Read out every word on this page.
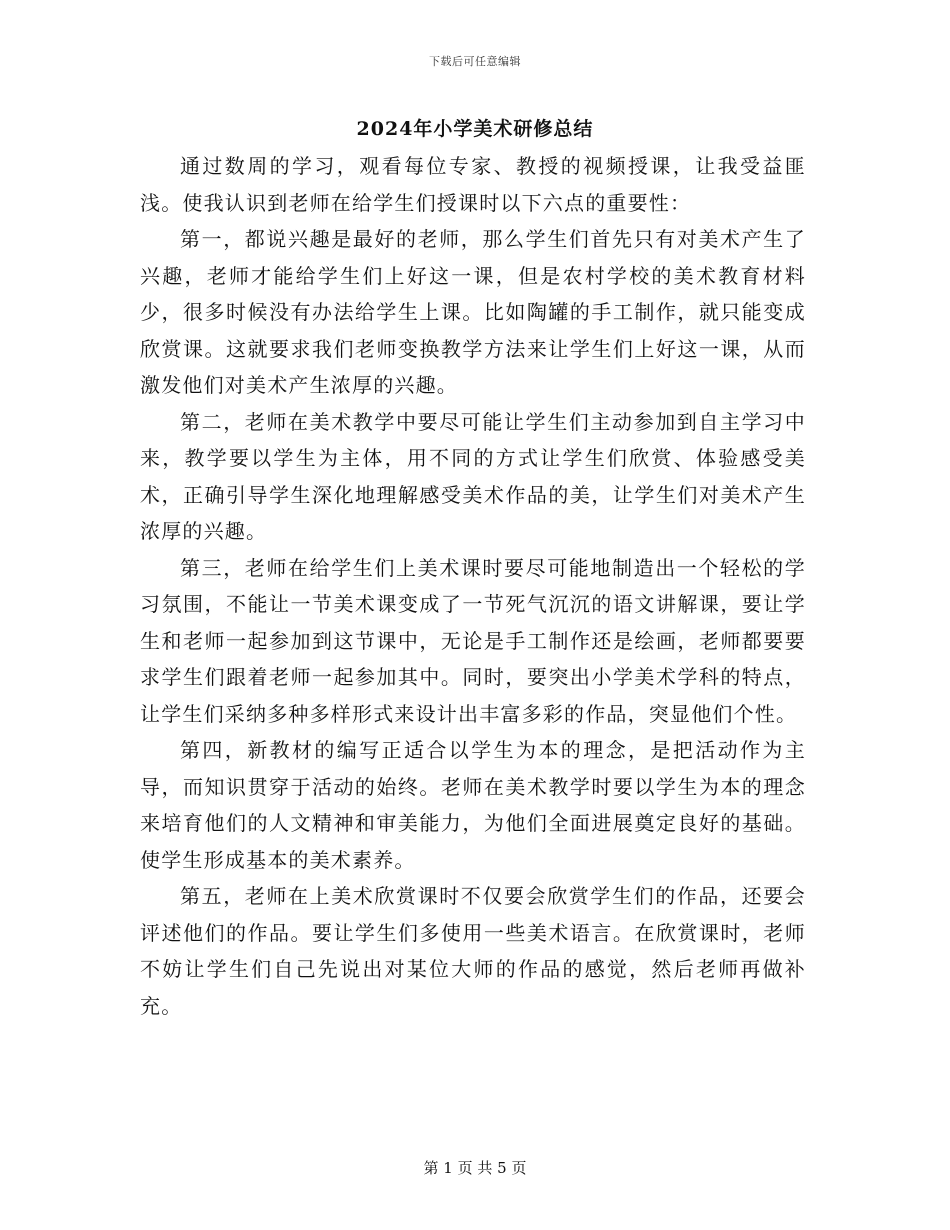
下载后可任意编辑
2024年小学美术研修总结

通过数周的学习，观看每位专家、教授的视频授课，让我受益匪浅。使我认识到老师在给学生们授课时以下六点的重要性：

第一，都说兴趣是最好的老师，那么学生们首先只有对美术产生了兴趣，老师才能给学生们上好这一课，但是农村学校的美术教育材料少，很多时候没有办法给学生上课。比如陶罐的手工制作，就只能变成欣赏课。这就要求我们老师变换教学方法来让学生们上好这一课，从而激发他们对美术产生浓厚的兴趣。

第二，老师在美术教学中要尽可能让学生们主动参加到自主学习中来，教学要以学生为主体，用不同的方式让学生们欣赏、体验感受美术，正确引导学生深化地理解感受美术作品的美，让学生们对美术产生浓厚的兴趣。

第三，老师在给学生们上美术课时要尽可能地制造出一个轻松的学习氛围，不能让一节美术课变成了一节死气沉沉的语文讲解课，要让学生和老师一起参加到这节课中，无论是手工制作还是绘画，老师都要要求学生们跟着老师一起参加其中。同时，要突出小学美术学科的特点，让学生们采纳多种多样形式来设计出丰富多彩的作品，突显他们个性。

第四，新教材的编写正适合以学生为本的理念，是把活动作为主导，而知识贯穿于活动的始终。老师在美术教学时要以学生为本的理念来培育他们的人文精神和审美能力，为他们全面进展奠定良好的基础。使学生形成基本的美术素养。

第五，老师在上美术欣赏课时不仅要会欣赏学生们的作品，还要会评述他们的作品。要让学生们多使用一些美术语言。在欣赏课时，老师不妨让学生们自己先说出对某位大师的作品的感觉，然后老师再做补充。

第 1 页 共 5 页
